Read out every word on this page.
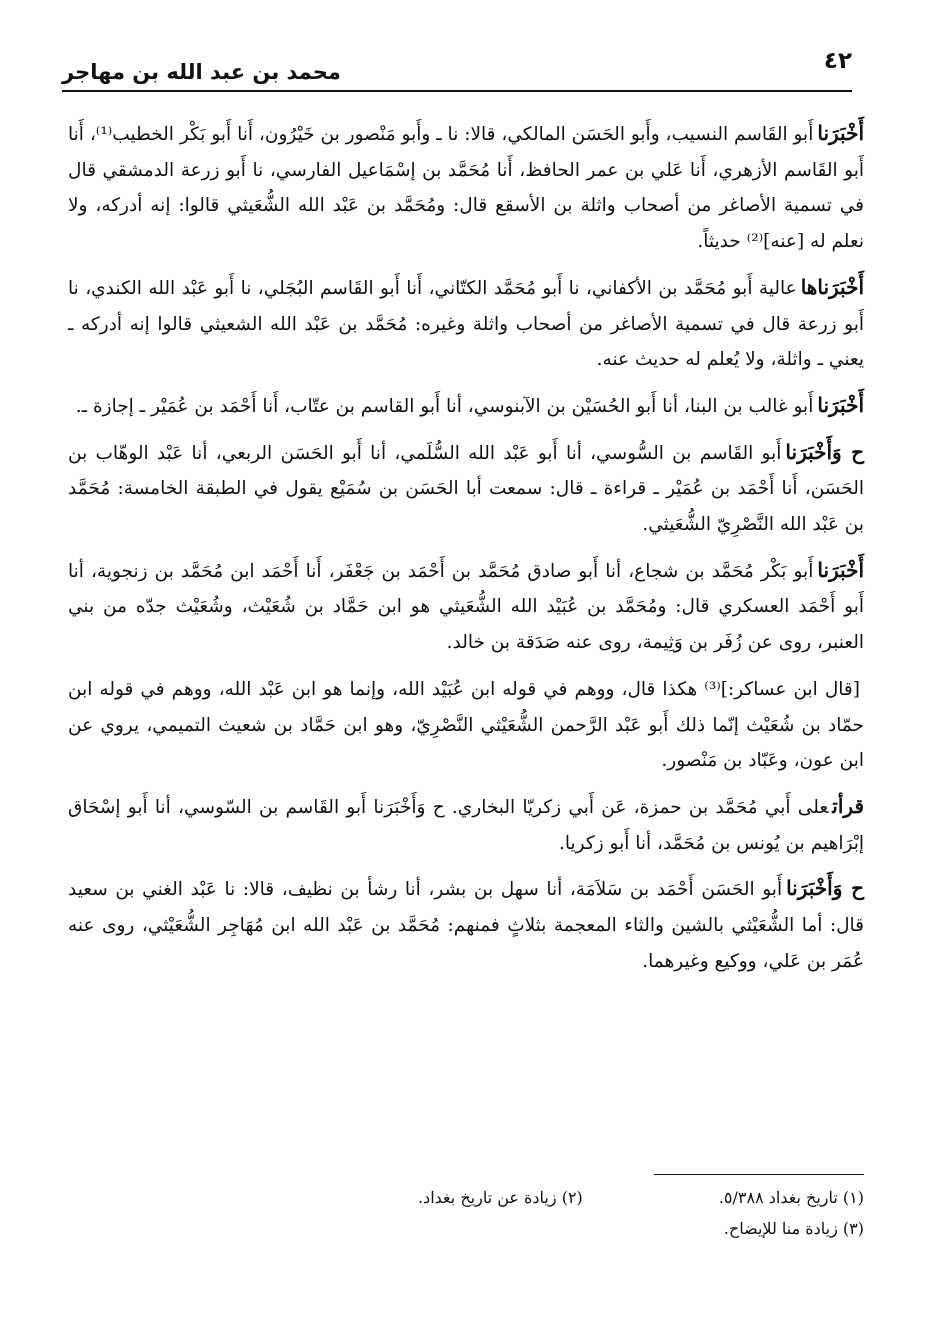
٤٢
محمد بن عبد الله بن مهاجر

أَخْبَرَناأَبو القَاسم النسيب، وأَبو الحَسَن المالكي، قالا: نا ـ وأَبو مَنْصور بن خَيْرُون، أَنا أَبو بَكْر الخطيب⁽¹⁾، أَنا أَبو القَاسم الأزهري، أَنا عَلي بن عمر الحافظ، أَنا مُحَمَّد بن إسْمَاعيل الفارسي، نا أَبو زرعة الدمشقي قال في تسمية الأصاغر من أصحاب واثلة بن الأسقع قال: ومُحَمَّد بن عَبْد الله الشُّعَيثي قالوا: إنه أدركه، ولا نعلم له [عنه]⁽²⁾ حديثاً.

أَخْبَرَناهاعالية أَبو مُحَمَّد بن الأكفاني، نا أَبو مُحَمَّد الكتّاني، أَنا أَبو القَاسم البُجَلي، نا أَبو عَبْد الله الكندي، نا أَبو زرعة قال في تسمية الأصاغر من أصحاب واثلة وغيره: مُحَمَّد بن عَبْد الله الشعيثي قالوا إنه أدركه ـ يعني ـ واثلة، ولا يُعلم له حديث عنه.

أَخْبَرَناأَبو غالب بن البنا، أنا أَبو الحُسَيْن بن الآبنوسي، أنا أَبو القاسم بن عتّاب، أَنا أَحْمَد بن عُمَيْر ـ إجازة ـ.

ح وَأَخْبَرَناأَبو القَاسم بن السُّوسي، أنا أَبو عَبْد الله السُّلَمي، أنا أَبو الحَسَن الربعي، أنا عَبْد الوهّاب بن الحَسَن، أَنا أَحْمَد بن عُمَيْر ـ قراءة ـ قال: سمعت أبا الحَسَن بن سُمَيْع يقول في الطبقة الخامسة: مُحَمَّد بن عَبْد الله النَّصْرِيّ الشُّعَيثي.

أَخْبَرَناأَبو بَكْر مُحَمَّد بن شجاع، أنا أَبو صادق مُحَمَّد بن أَحْمَد بن جَعْفَر، أَنا أَحْمَد ابن مُحَمَّد بن زنجوية، أنا أَبو أَحْمَد العسكري قال: ومُحَمَّد بن عُبَيْد الله الشُّعَيثي هو ابن حَمَّاد بن شُعَيْث، وشُعَيْث جدّه من بني العنبر، روى عن زُفَر بن وَثِيمة، روى عنه صَدَقة بن خالد.

[قال ابن عساكر:]⁽³⁾ هكذا قال، ووهم في قوله ابن عُبَيْد الله، وإنما هو ابن عَبْد الله، ووهم في قوله ابن حمّاد بن شُعَيْث إنّما ذلك أَبو عَبْد الرَّحمن الشُّعَيْثي النَّصْرِيّ، وهو ابن حَمَّاد بن شعيث التميمي، يروي عن ابن عون، وعَبّاد بن مَنْصور.

قرأتعلى أَبي مُحَمَّد بن حمزة، عَن أَبي زكريّا البخاري. ح وَأَخْبَرَنا أَبو القَاسم بن السّوسي، أنا أَبو إسْحَاق إبْرَاهيم بن يُونس بن مُحَمَّد، أنا أَبو زكريا.

ح وَأَخْبَرَناأَبو الحَسَن أَحْمَد بن سَلاَمَة، أنا سهل بن بشر، أنا رشأ بن نظيف، قالا: نا عَبْد الغني بن سعيد قال: أما الشُّعَيْثي بالشين والثاء المعجمة بثلاثٍ فمنهم: مُحَمَّد بن عَبْد الله ابن مُهَاجِر الشُّعَيْثي، روى عنه عُمَر بن عَلي، ووكيع وغيرهما.

(١) تاريخ بغداد ٥/٣٨٨.
(٢) زيادة عن تاريخ بغداد.
(٣) زيادة منا للإيضاح.
